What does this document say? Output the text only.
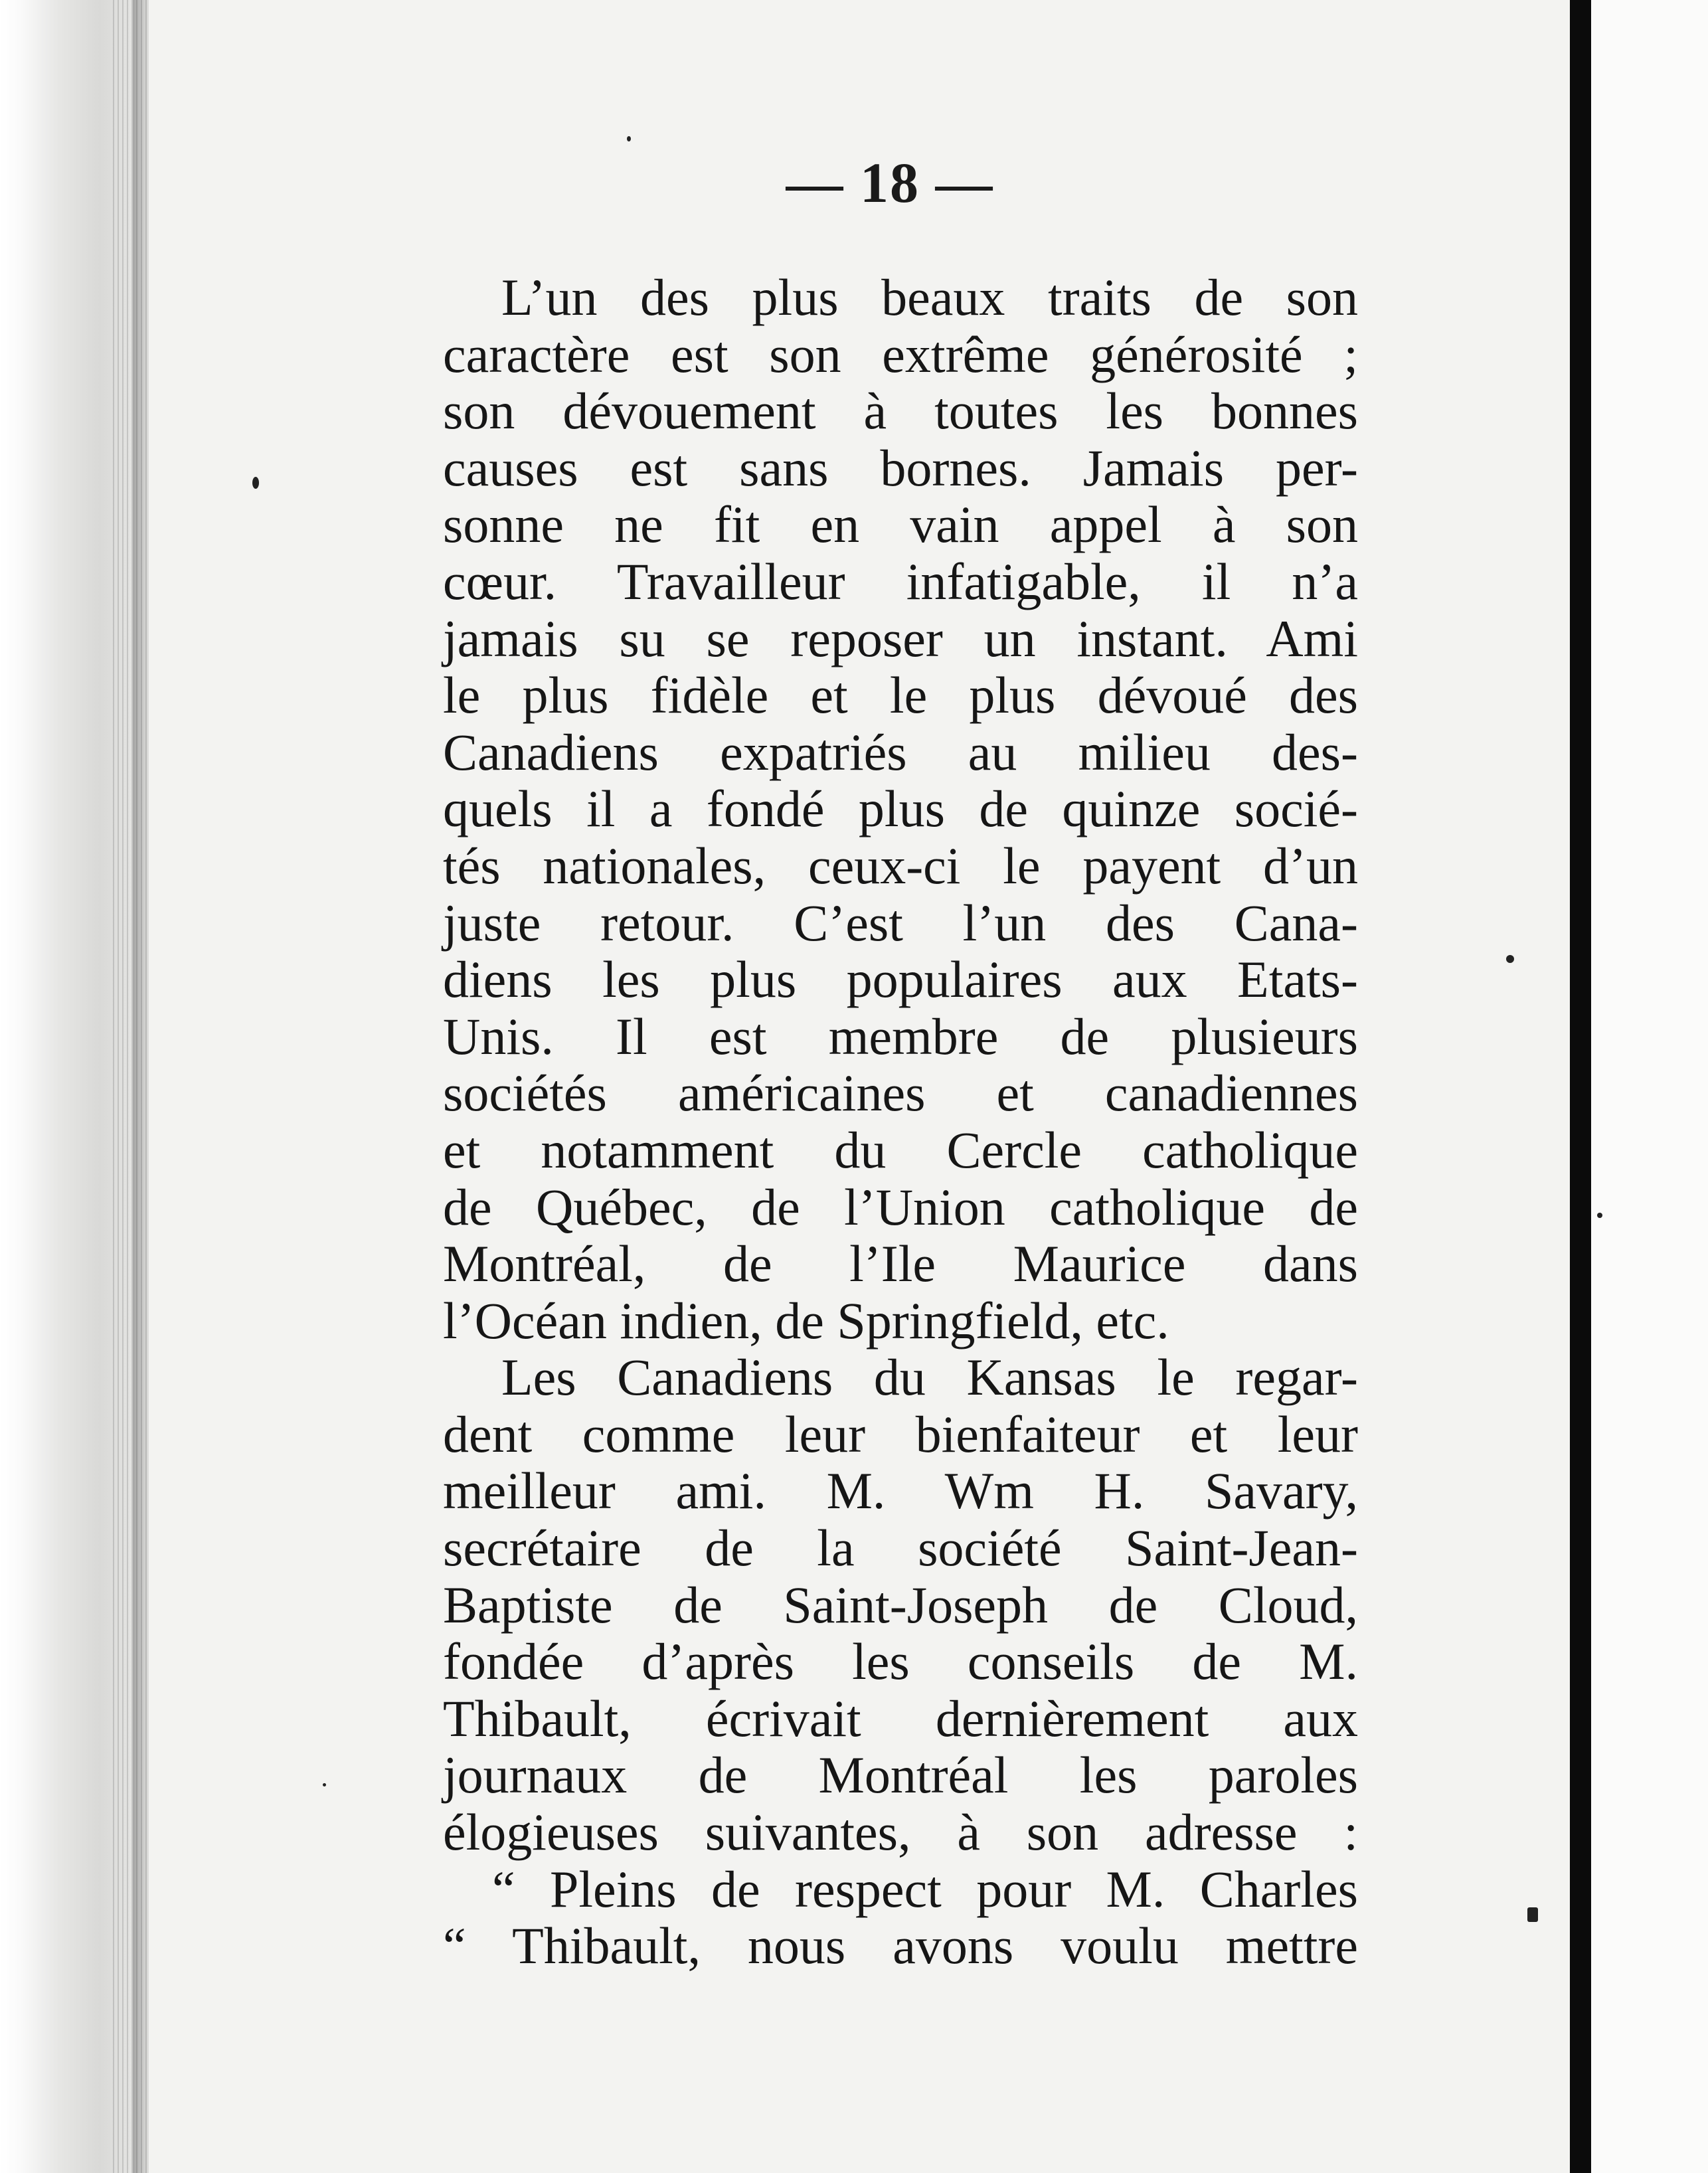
— 18 —
L’un des plus beaux traits de son
caractère est son extrême générosité ;
son dévouement à toutes les bonnes
causes est sans bornes. Jamais per-
sonne ne fit en vain appel à son
cœur. Travailleur infatigable, il n’a
jamais su se reposer un instant. Ami
le plus fidèle et le plus dévoué des
Canadiens expatriés au milieu des-
quels il a fondé plus de quinze socié-
tés nationales, ceux-ci le payent d’un
juste retour. C’est l’un des Cana-
diens les plus populaires aux Etats-
Unis. Il est membre de plusieurs
sociétés américaines et canadiennes
et notamment du Cercle catholique
de Québec, de l’Union catholique de
Montréal, de l’Ile Maurice dans
l’Océan indien, de Springfield, etc.
Les Canadiens du Kansas le regar-
dent comme leur bienfaiteur et leur
meilleur ami. M. Wm H. Savary,
secrétaire de la société Saint-Jean-
Baptiste de Saint-Joseph de Cloud,
fondée d’après les conseils de M.
Thibault, écrivait dernièrement aux
journaux de Montréal les paroles
élogieuses suivantes, à son adresse :
“ Pleins de respect pour M. Charles
“ Thibault, nous avons voulu mettre
